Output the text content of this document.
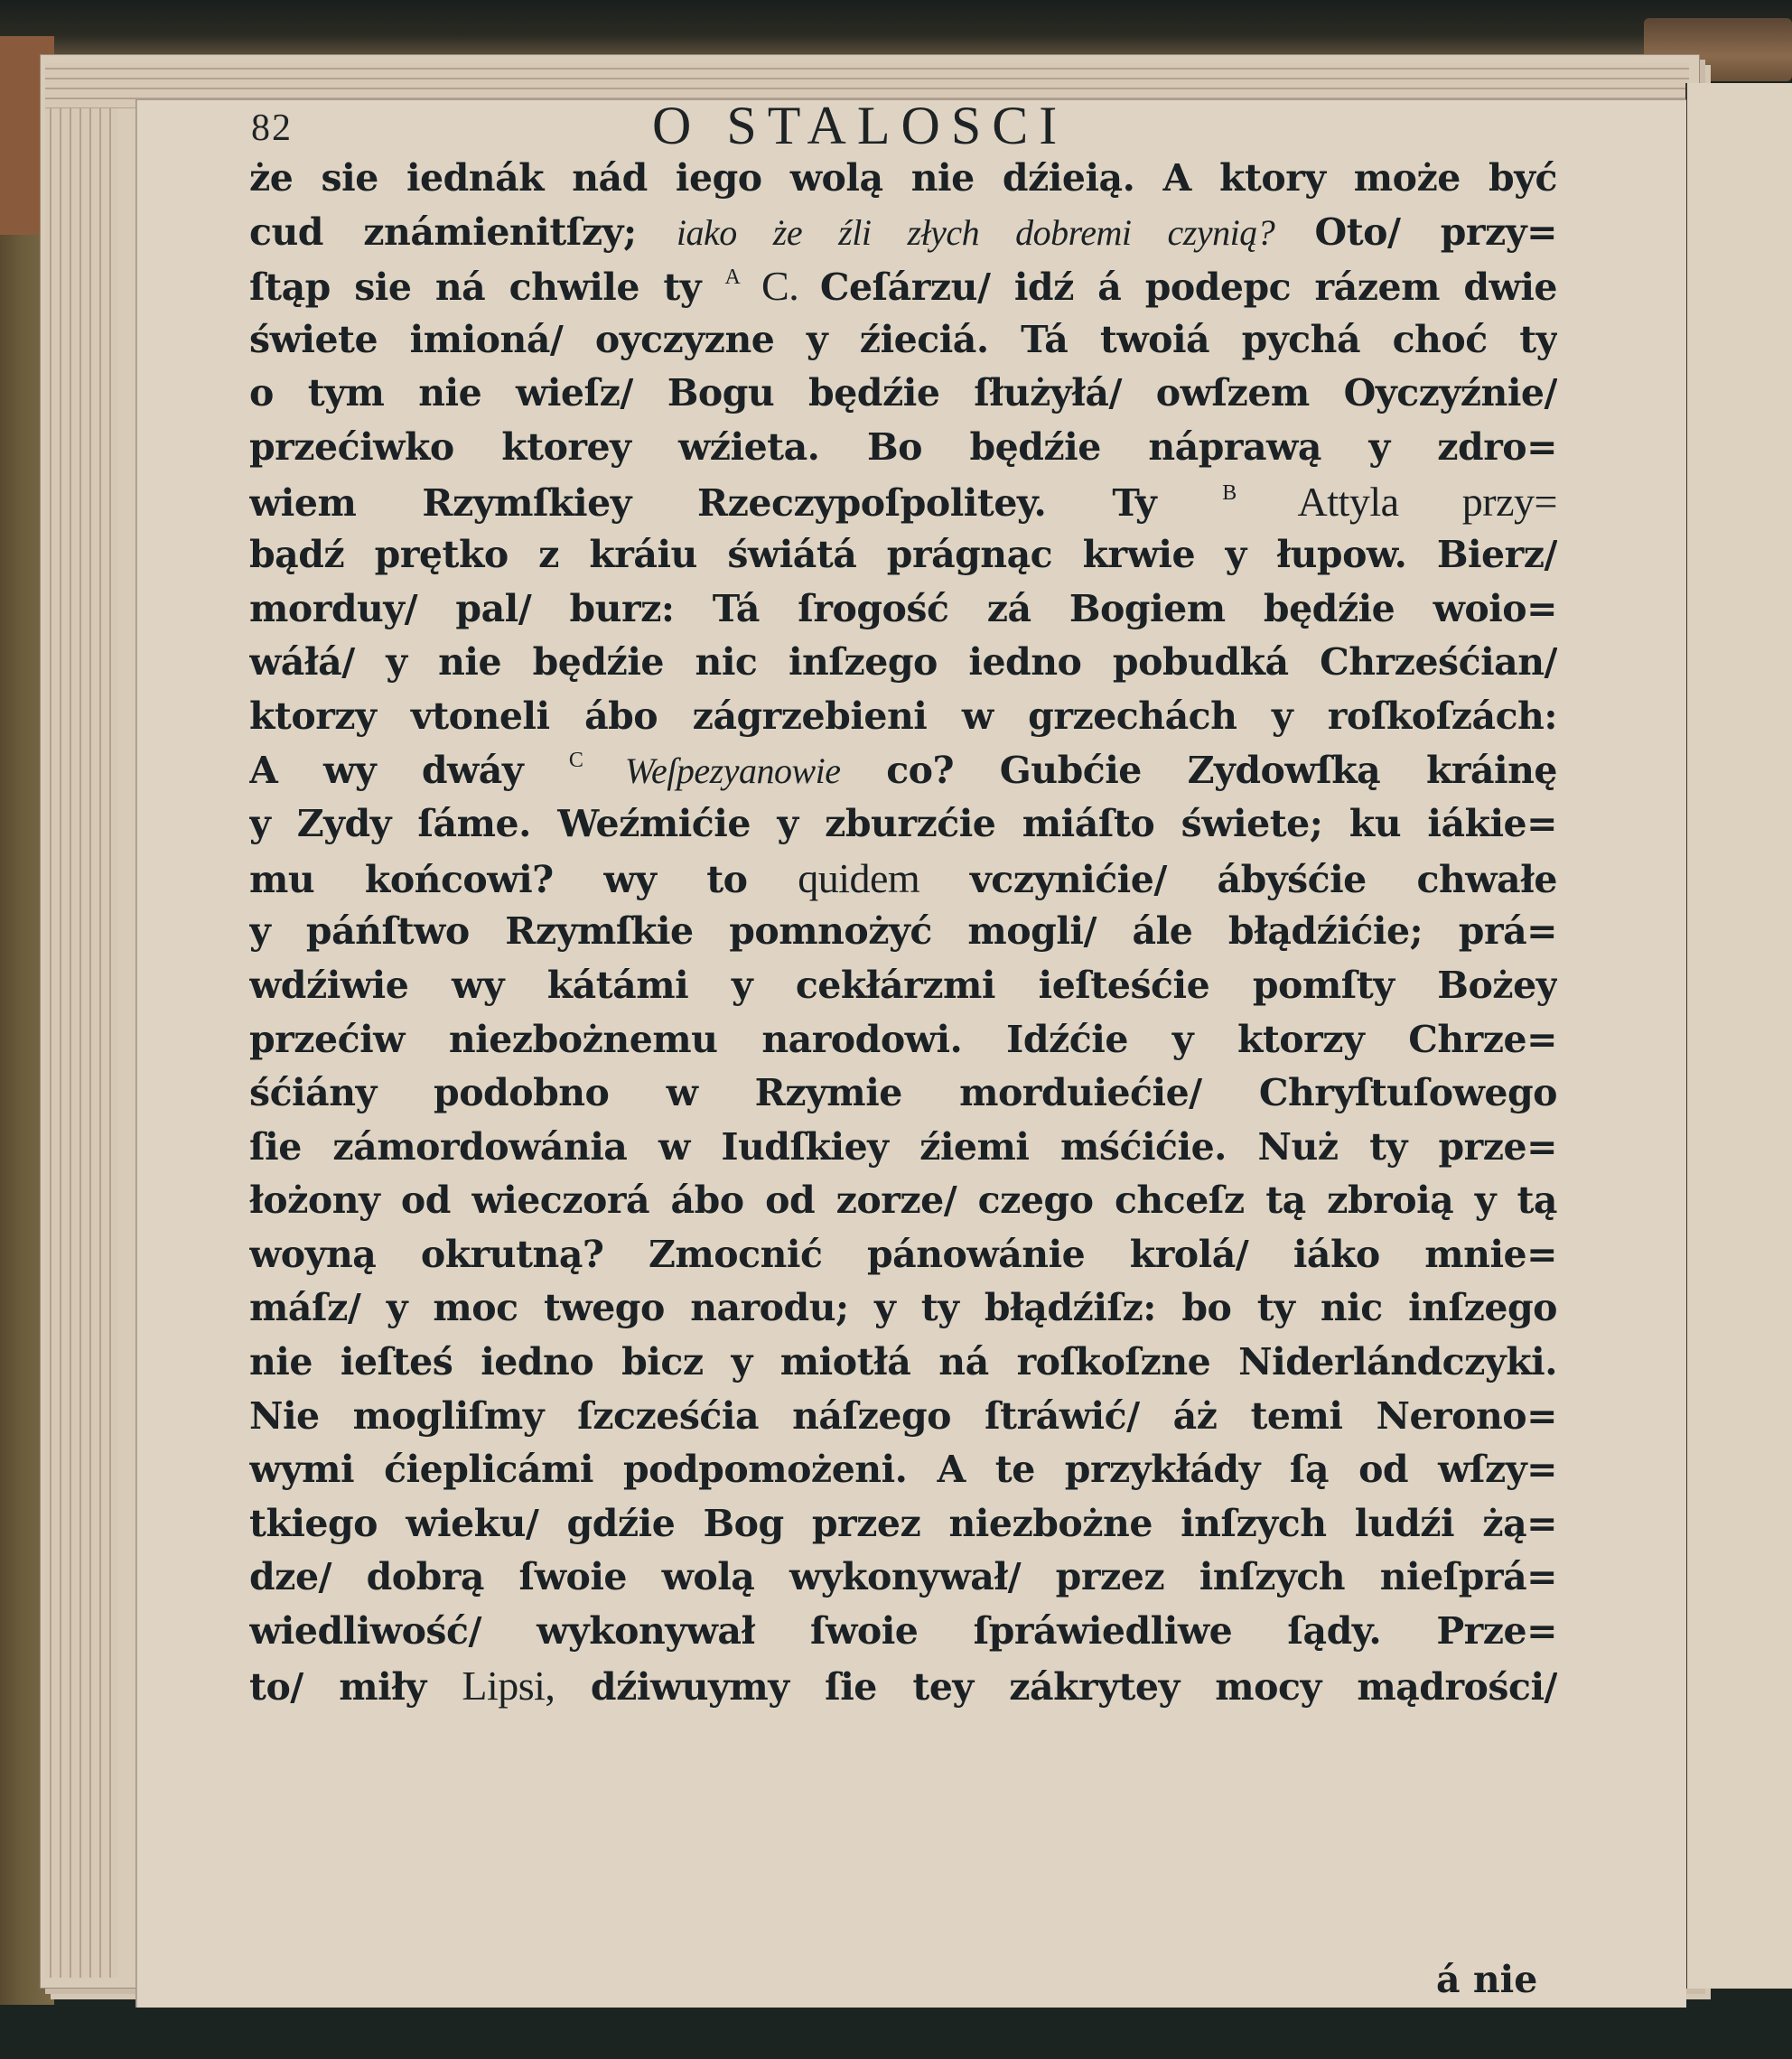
82	O STALOSCI
że sie iednák nád iego wolą nie dźieią. A ktory może być
cud známienitſzy; iako że źli złych dobremi czynią? Oto/ przy=
ſtąp sie ná chwile ty $^A$ C. Ceſárzu/ idź á podepc rázem dwie
świete imioná/ oyczyzne y źieciá. Tá twoiá pychá choć ty
o tym nie wieſz/ Bogu będźie ſłużyłá/ owſzem Oyczyźnie/
przećiwko ktorey wźieta. Bo będźie náprawą y zdro=
wiem Rzymſkiey Rzeczypoſpolitey. Ty $^B$ Attyla przy=
bądź prętko z kráiu świátá prágnąc krwie y łupow. Bierz/
morduy/ pal/ burz: Tá ſrogość zá Bogiem będźie woio=
wáłá/ y nie będźie nic inſzego iedno pobudká Chrześćian/
ktorzy vtoneli ábo zágrzebieni w grzechách y roſkoſzách:
A wy dwáy $^C$ Weſpezyanowie co? Gubćie Zydowſką kráinę
y Zydy ſáme. Weźmićie y zburzćie miáſto świete; ku iákie=
mu końcowi? wy to quidem vczynićie/ ábyśćie chwałe
y páńſtwo Rzymſkie pomnożyć mogli/ ále błądźićie; prá=
wdźiwie wy kátámi y cekłárzmi ieſteśćie pomſty Bożey
przećiw niezbożnemu narodowi. Idźćie y ktorzy Chrze=
śćiány podobno w Rzymie morduiećie/ Chryſtuſowego
ſie zámordowánia w Iudſkiey źiemi mśćićie. Nuż ty prze=
łożony od wieczorá ábo od zorze/ czego chceſz tą zbroią y tą
woyną okrutną? Zmocnić pánowánie krolá/ iáko mnie=
máſz/ y moc twego narodu; y ty błądźiſz: bo ty nic inſzego
nie ieſteś iedno bicz y miotłá ná roſkoſzne Niderlándczyki.
Nie mogliſmy ſzcześćia náſzego ſtráwić/ áż temi Nerono=
wymi ćieplicámi podpomożeni. A te przykłády ſą od wſzy=
tkiego wieku/ gdźie Bog przez niezbożne inſzych ludźi żą=
dze/ dobrą ſwoie wolą wykonywał/ przez inſzych nieſprá=
wiedliwość/ wykonywał ſwoie ſpráwiedliwe ſądy. Prze=
to/ miły Lipsi, dźiwuymy ſie tey zákrytey mocy mądrości/
á nie
